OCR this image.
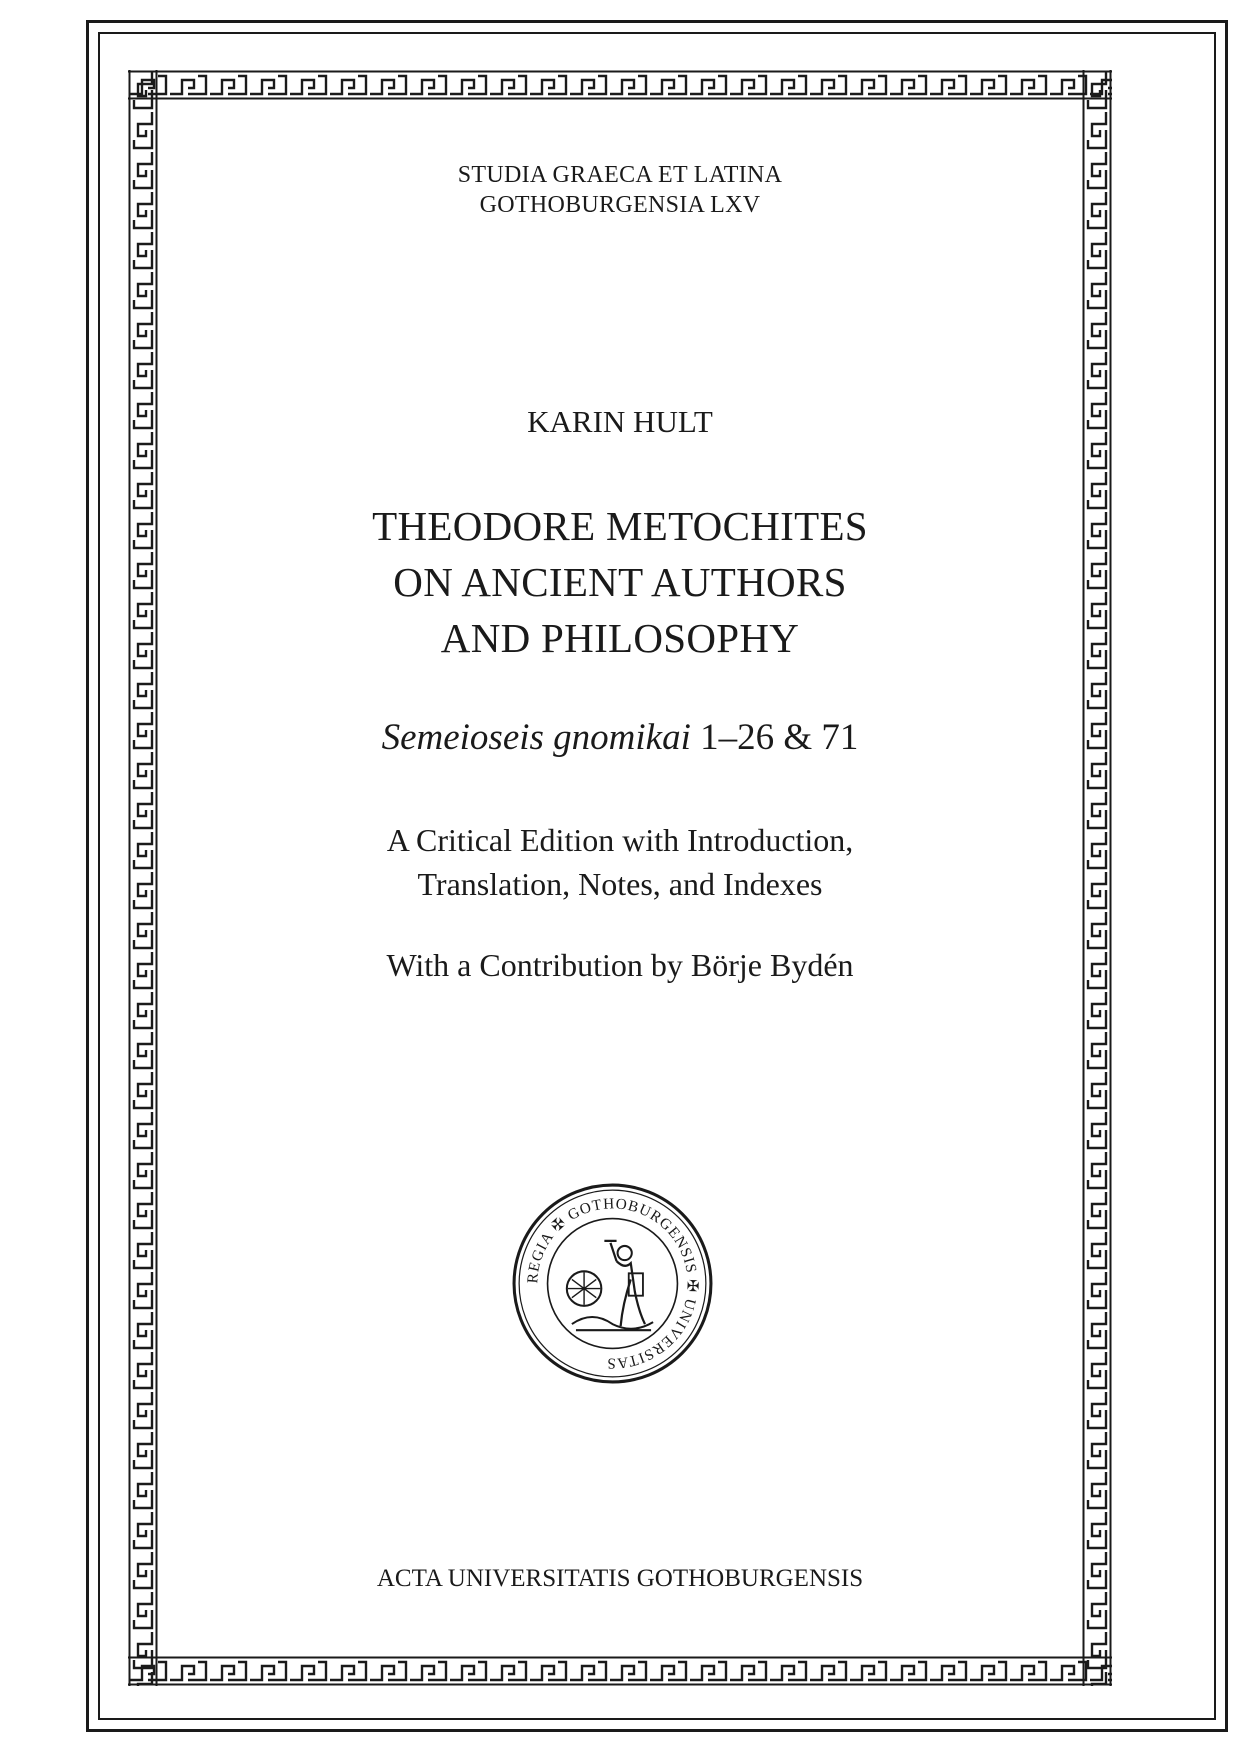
STUDIA GRAECA ET LATINA
GOTHOBURGENSIA LXV
KARIN HULT
THEODORE METOCHITES
ON ANCIENT AUTHORS
AND PHILOSOPHY
Semeioseis gnomikai 1–26 & 71
A Critical Edition with Introduction,
Translation, Notes, and Indexes
With a Contribution by Börje Bydén
REGIA ✠ GOTHOBURGENSIS ✠ UNIVERSITAS
ACTA UNIVERSITATIS GOTHOBURGENSIS
